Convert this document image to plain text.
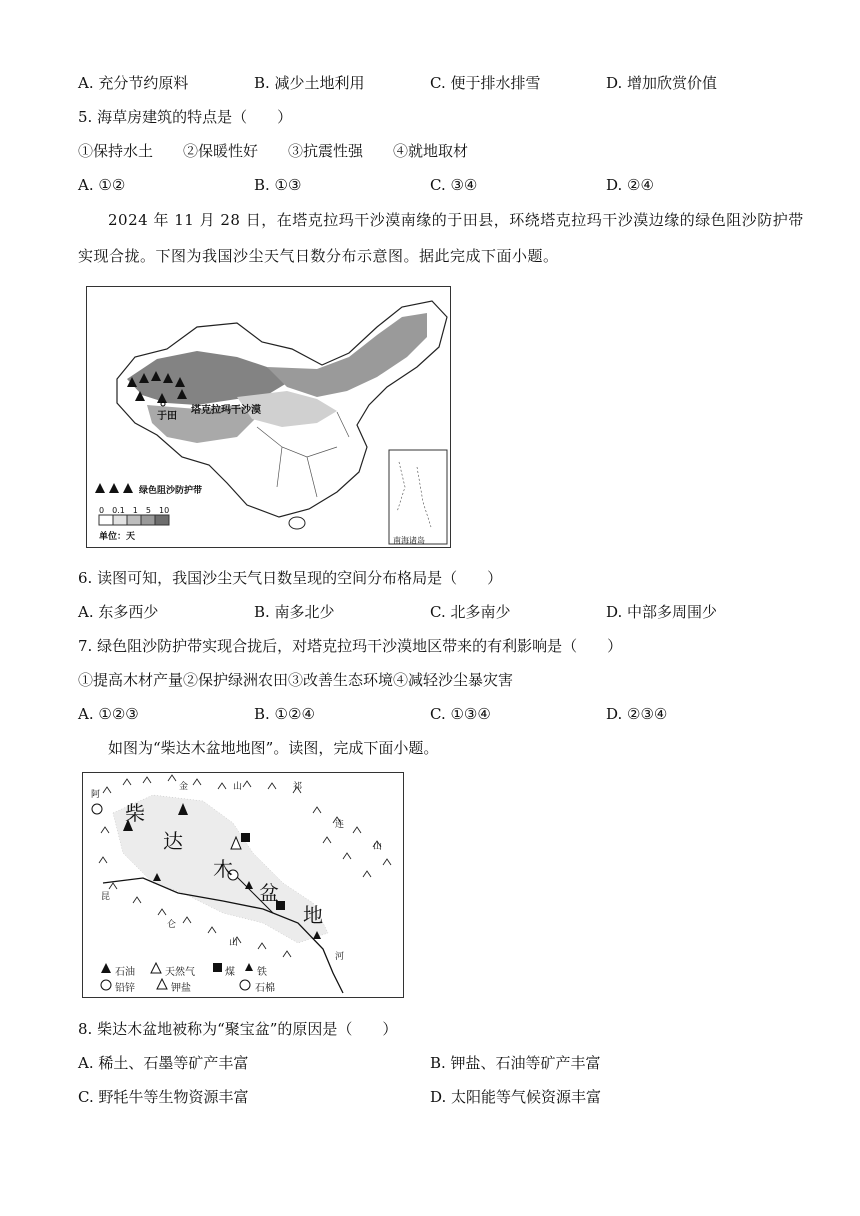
A. 充分节约原料	B. 减少土地利用	C. 便于排水排雪	D. 增加欣赏价值
5. 海草房建筑的特点是（　　）
①保持水土　　②保暖性好　　③抗震性强　　④就地取材
A. ①②	B. ①③	C. ③④	D. ②④
2024 年 11 月 28 日，在塔克拉玛干沙漠南缘的于田县，环绕塔克拉玛干沙漠边缘的绿色阻沙防护带实现合拢。下图为我国沙尘天气日数分布示意图。据此完成下面小题。
塔克拉玛干沙漠
于田
绿色阻沙防护带
0　0.1　1　5　10
单位：天	南海诸岛
6. 读图可知，我国沙尘天气日数呈现的空间分布格局是（　　）
A. 东多西少	B. 南多北少	C. 北多南少	D. 中部多周围少
7. 绿色阻沙防护带实现合拢后，对塔克拉玛干沙漠地区带来的有利影响是（　　）
①提高木材产量②保护绿洲农田③改善生态环境④减轻沙尘暴灾害
A. ①②③	B. ①②④	C. ①③④	D. ②③④
如图为“柴达木盆地地图”。读图，完成下面小题。
柴
达
木
盆
地
阿
金	山	祁
连
山
昆
仑
山
河
石油	天然气	煤 铁
铅锌	钾盐	石棉
8. 柴达木盆地被称为“聚宝盆”的原因是（　　）
A. 稀土、石墨等矿产丰富	B. 钾盐、石油等矿产丰富
C. 野牦牛等生物资源丰富	D. 太阳能等气候资源丰富
